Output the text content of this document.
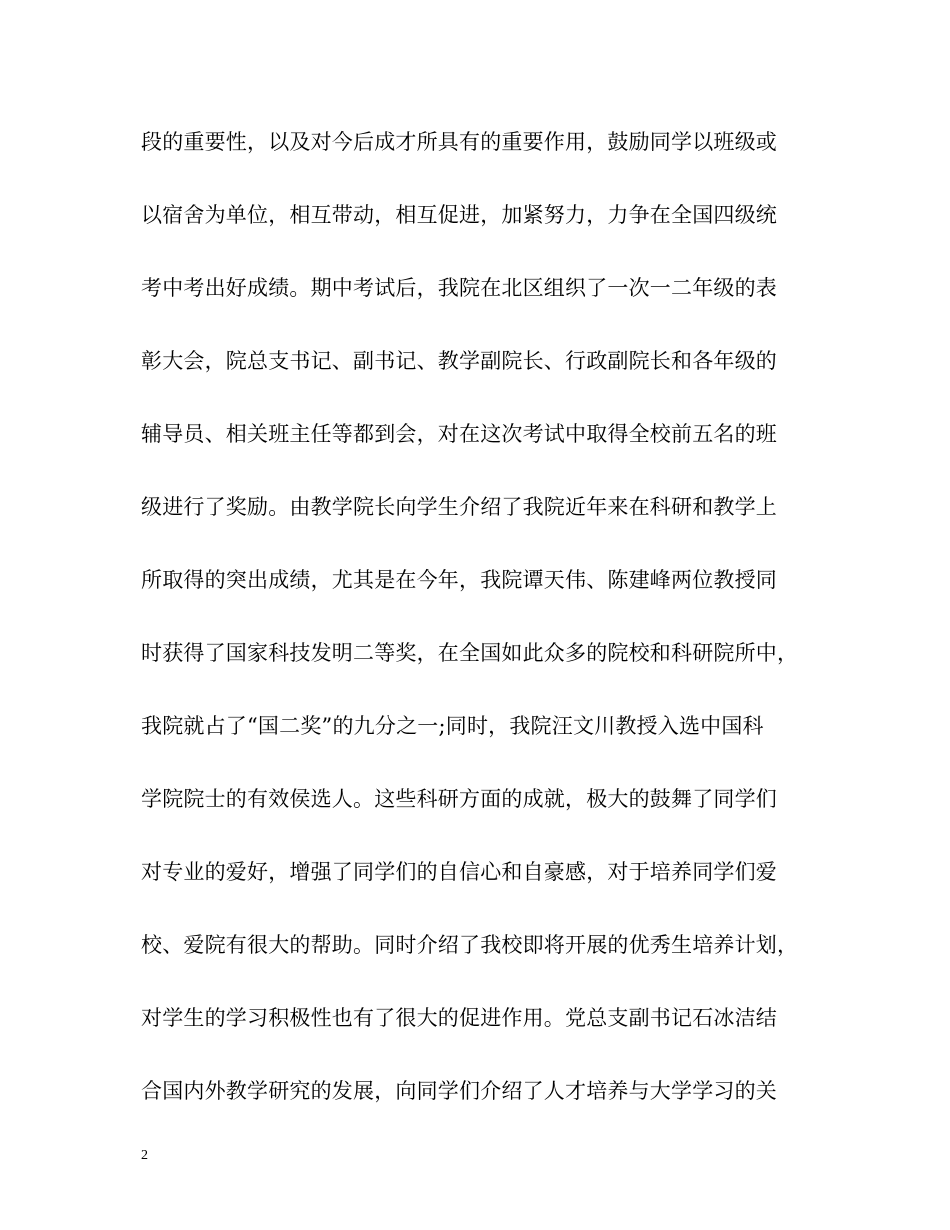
段的重要性，以及对今后成才所具有的重要作用，鼓励同学以班级或
以宿舍为单位，相互带动，相互促进，加紧努力，力争在全国四级统
考中考出好成绩。期中考试后，我院在北区组织了一次一二年级的表
彰大会，院总支书记、副书记、教学副院长、行政副院长和各年级的
辅导员、相关班主任等都到会，对在这次考试中取得全校前五名的班
级进行了奖励。由教学院长向学生介绍了我院近年来在科研和教学上
所取得的突出成绩，尤其是在今年，我院谭天伟、陈建峰两位教授同
时获得了国家科技发明二等奖，在全国如此众多的院校和科研院所中，
我院就占了“国二奖”的九分之一;同时，我院汪文川教授入选中国科
学院院士的有效侯选人。这些科研方面的成就，极大的鼓舞了同学们
对专业的爱好，增强了同学们的自信心和自豪感，对于培养同学们爱
校、爱院有很大的帮助。同时介绍了我校即将开展的优秀生培养计划，
对学生的学习积极性也有了很大的促进作用。党总支副书记石冰洁结
合国内外教学研究的发展，向同学们介绍了人才培养与大学学习的关
2
